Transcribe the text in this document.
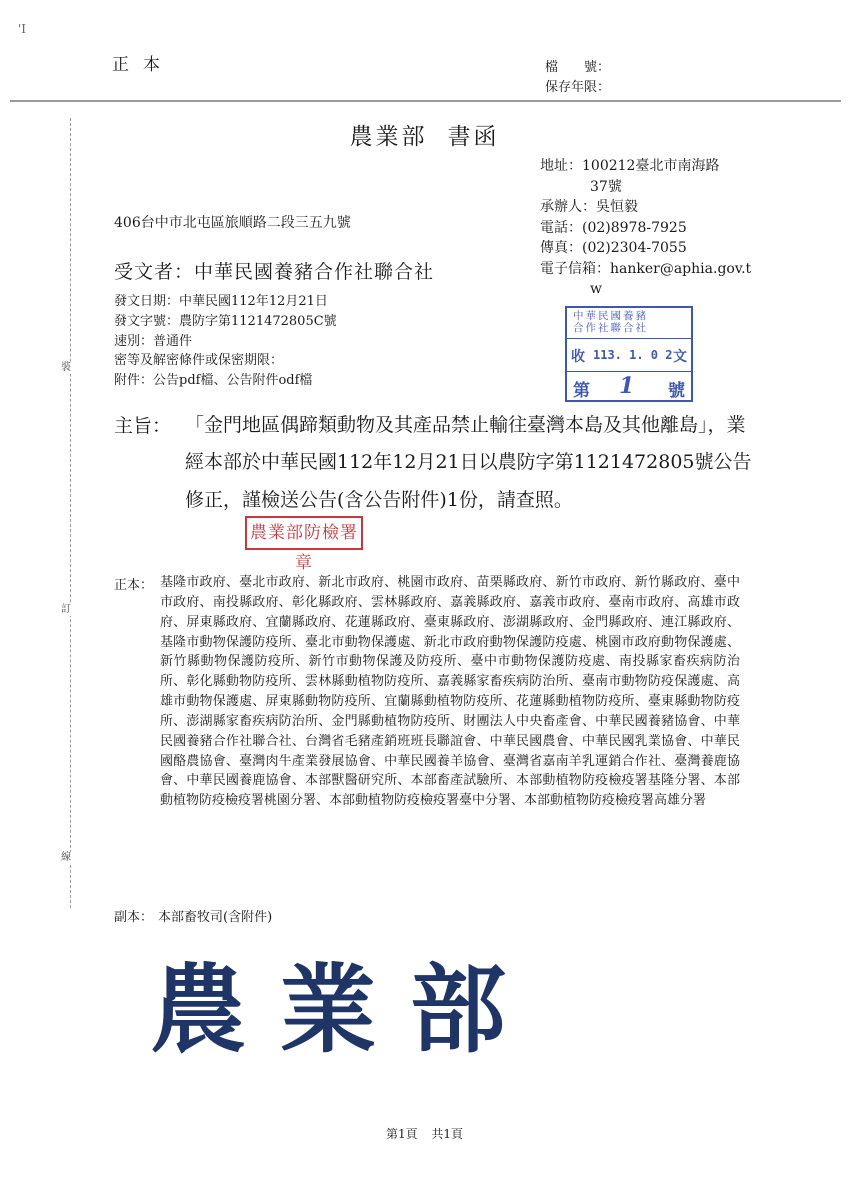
'I
正本	檔　　號：
保存年限：
裝
訂
線
農業部 書函
地址：100212臺北市南海路
37號
承辦人：吳恒毅
電話：(02)8978-7925
傳真：(02)2304-7055
電子信箱：hanker@aphia.gov.t
w
406台中市北屯區旅順路二段三五九號
受文者：中華民國養豬合作社聯合社
發文日期：中華民國112年12月21日
發文字號：農防字第1121472805C號
速別：普通件
密等及解密條件或保密期限：
附件：公告pdf檔、公告附件odf檔
中華民國養豬
合作社聯合社
收 113. 1. 0 2 文
第 1 號
主旨： 「金門地區偶蹄類動物及其產品禁止輸往臺灣本島及其他離島」，業經本部於中華民國112年12月21日以農防字第1121472805號公告修正，謹檢送公告(含公告附件)1份，請查照。
農業部防檢署章
正本： 基隆市政府、臺北市政府、新北市政府、桃園市政府、苗栗縣政府、新竹市政府、新竹縣政府、臺中市政府、南投縣政府、彰化縣政府、雲林縣政府、嘉義縣政府、嘉義市政府、臺南市政府、高雄市政府、屏東縣政府、宜蘭縣政府、花蓮縣政府、臺東縣政府、澎湖縣政府、金門縣政府、連江縣政府、基隆市動物保護防疫所、臺北市動物保護處、新北市政府動物保護防疫處、桃園市政府動物保護處、新竹縣動物保護防疫所、新竹市動物保護及防疫所、臺中市動物保護防疫處、南投縣家畜疾病防治所、彰化縣動物防疫所、雲林縣動植物防疫所、嘉義縣家畜疾病防治所、臺南市動物防疫保護處、高雄市動物保護處、屏東縣動物防疫所、宜蘭縣動植物防疫所、花蓮縣動植物防疫所、臺東縣動物防疫所、澎湖縣家畜疾病防治所、金門縣動植物防疫所、財團法人中央畜產會、中華民國養豬協會、中華民國養豬合作社聯合社、台灣省毛豬產銷班班長聯誼會、中華民國農會、中華民國乳業協會、中華民國酪農協會、臺灣肉牛產業發展協會、中華民國養羊協會、臺灣省嘉南羊乳運銷合作社、臺灣養鹿協會、中華民國養鹿協會、本部獸醫研究所、本部畜產試驗所、本部動植物防疫檢疫署基隆分署、本部動植物防疫檢疫署桃園分署、本部動植物防疫檢疫署臺中分署、本部動植物防疫檢疫署高雄分署
副本： 本部畜牧司(含附件)
農業部
第1頁 共1頁
